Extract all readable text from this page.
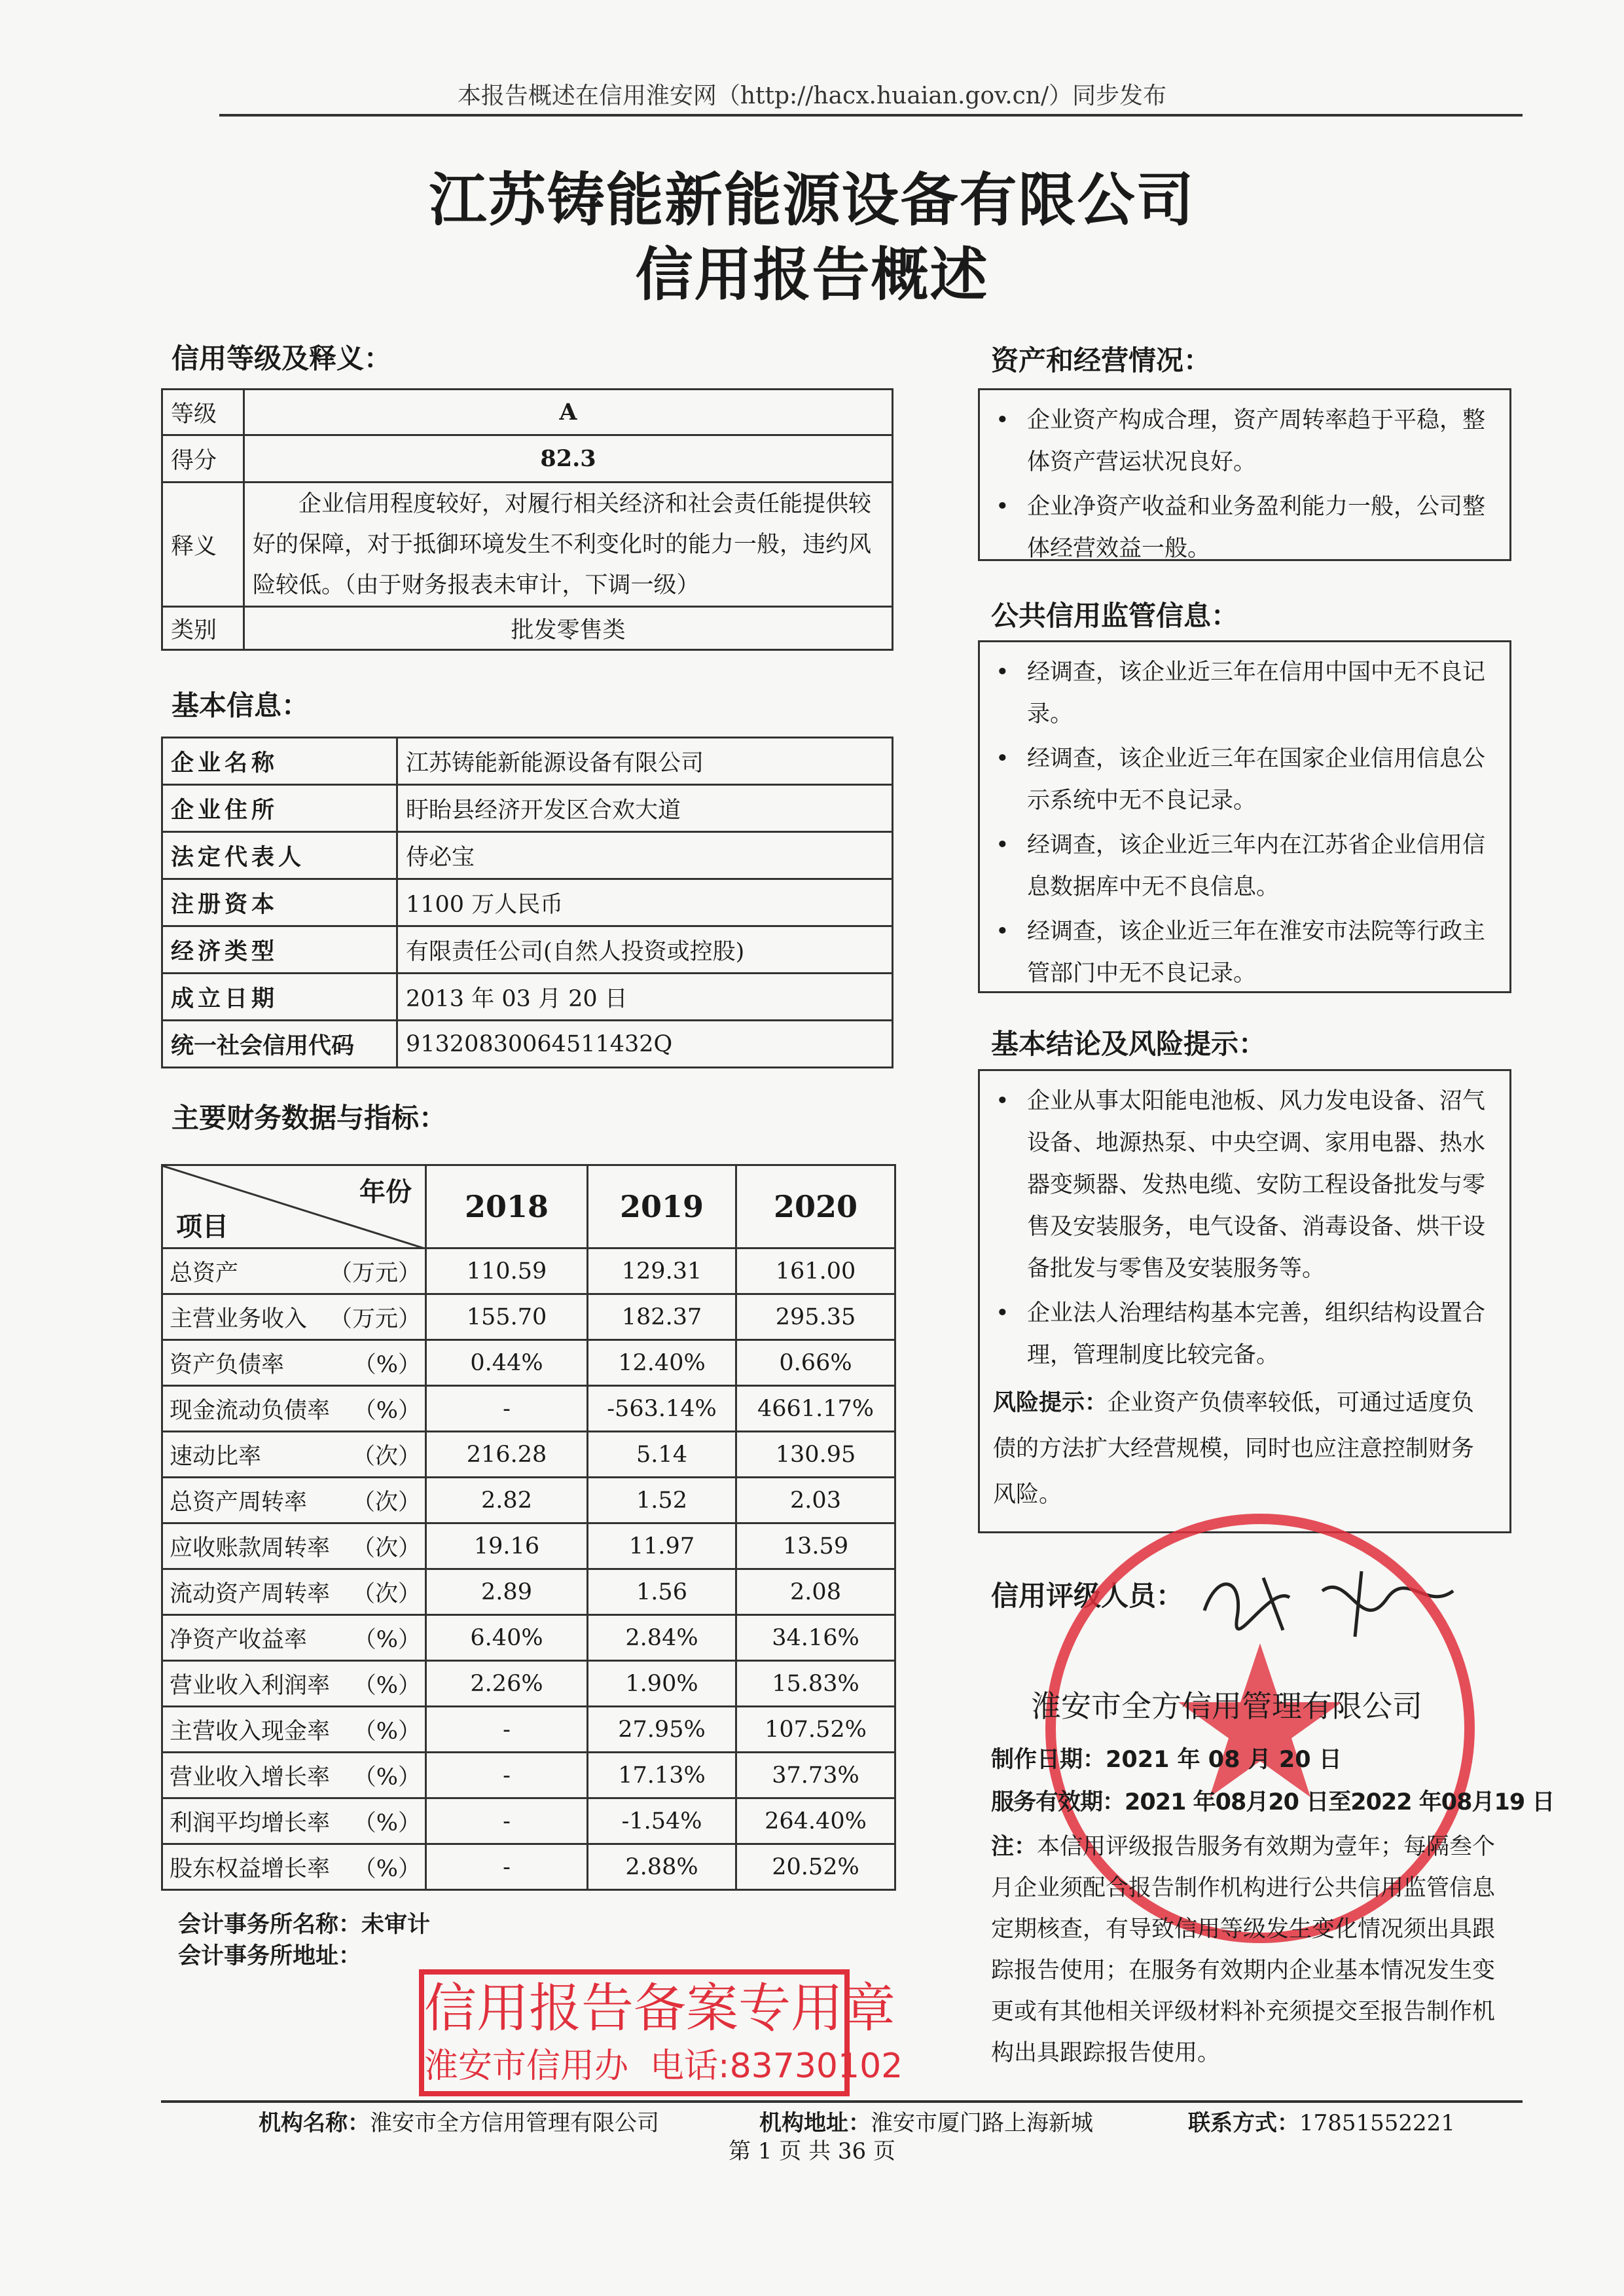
本报告概述在信用淮安网（http://hacx.huaian.gov.cn/）同步发布
江苏铸能新能源设备有限公司
信用报告概述
信用等级及释义：
等级	A
得分	82.3
释义	企业信用程度较好，对履行相关经济和社会责任能提供较好的保障，对于抵御环境发生不利变化时的能力一般，违约风险较低。（由于财务报表未审计，下调一级）
类别	批发零售类
基本信息：
企业名称	江苏铸能新能源设备有限公司
企业住所	盱眙县经济开发区合欢大道
法定代表人	侍必宝
注册资本	1100 万人民币
经济类型	有限责任公司(自然人投资或控股)
成立日期	2013 年 03 月 20 日
统一社会信用代码	91320830064511432Q
主要财务数据与指标：
年份
项目	2018	2019	2020

总资产 （万元）	110.59	129.31	161.00

主营业务收入 （万元）	155.70	182.37	295.35

资产负债率 （%）	0.44%	12.40%	0.66%

现金流动负债率 （%）	-	-563.14%	4661.17%

速动比率 （次）	216.28	5.14	130.95

总资产周转率 （次）	2.82	1.52	2.03

应收账款周转率 （次）	19.16	11.97	13.59

流动资产周转率 （次）	2.89	1.56	2.08

净资产收益率 （%）	6.40%	2.84%	34.16%

营业收入利润率 （%）	2.26%	1.90%	15.83%

主营收入现金率 （%）	-	27.95%	107.52%

营业收入增长率 （%）	-	17.13%	37.73%

利润平均增长率 （%）	-	-1.54%	264.40%

股东权益增长率 （%）	-	2.88%	20.52%
会计事务所名称：未审计
会计事务所地址：
信用报告备案专用章
淮安市信用办  电话:83730102
资产和经营情况：
• 企业资产构成合理，资产周转率趋于平稳，整体资产营运状况良好。
• 企业净资产收益和业务盈利能力一般，公司整体经营效益一般。
公共信用监管信息：
• 经调查，该企业近三年在信用中国中无不良记录。
• 经调查，该企业近三年在国家企业信用信息公示系统中无不良记录。
• 经调查，该企业近三年内在江苏省企业信用信息数据库中无不良信息。
• 经调查，该企业近三年在淮安市法院等行政主管部门中无不良记录。
基本结论及风险提示：
• 企业从事太阳能电池板、风力发电设备、沼气设备、地源热泵、中央空调、家用电器、热水器变频器、发热电缆、安防工程设备批发与零售及安装服务，电气设备、消毒设备、烘干设备批发与零售及安装服务等。
• 企业法人治理结构基本完善，组织结构设置合理，管理制度比较完备。
风险提示：企业资产负债率较低，可通过适度负债的方法扩大经营规模，同时也应注意控制财务风险。
信用评级人员：
淮安市全方信用管理有限公司
制作日期：2021 年 08 月 20 日
服务有效期：2021 年08月20 日至2022 年08月19 日
注：本信用评级报告服务有效期为壹年；每隔叁个月企业须配合报告制作机构进行公共信用监管信息定期核查，有导致信用等级发生变化情况须出具跟踪报告使用；在服务有效期内企业基本情况发生变更或有其他相关评级材料补充须提交至报告制作机构出具跟踪报告使用。
机构名称：淮安市全方信用管理有限公司	机构地址：淮安市厦门路上海新城	联系方式：17851552221
第 1 页 共 36 页
